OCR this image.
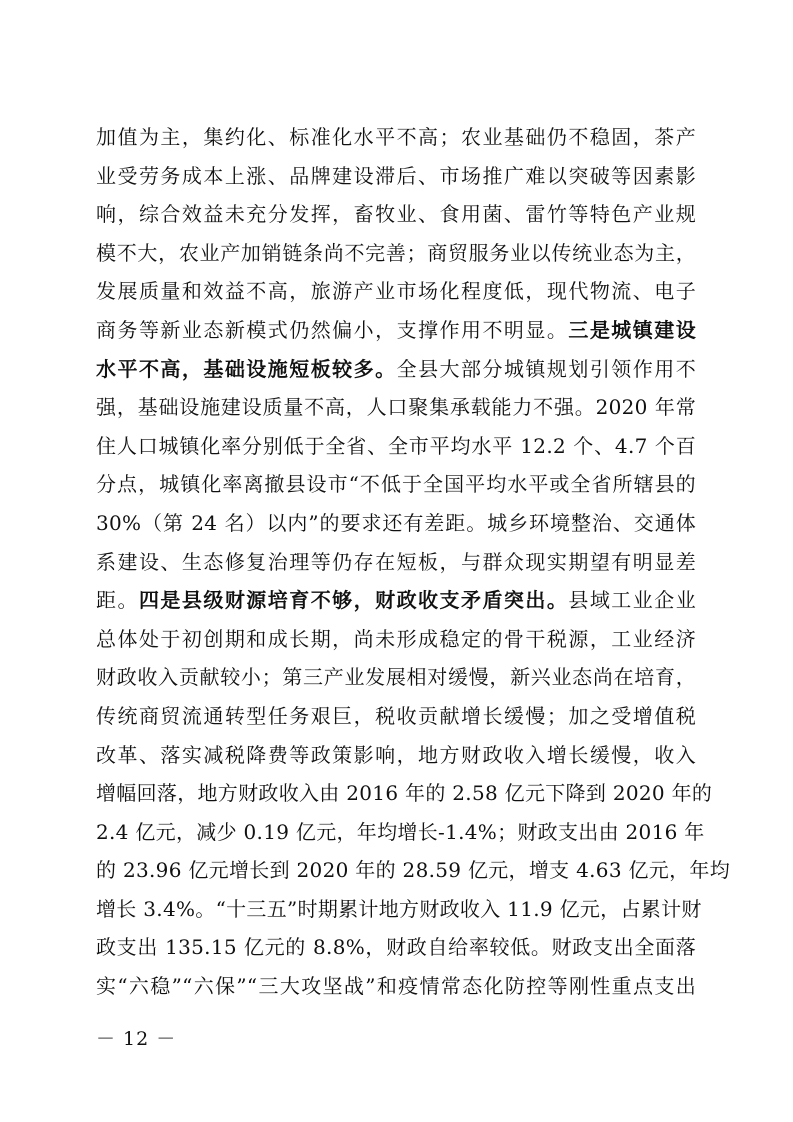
加值为主，集约化、标准化水平不高；农业基础仍不稳固，茶产
业受劳务成本上涨、品牌建设滞后、市场推广难以突破等因素影
响，综合效益未充分发挥，畜牧业、食用菌、雷竹等特色产业规
模不大，农业产加销链条尚不完善；商贸服务业以传统业态为主，
发展质量和效益不高，旅游产业市场化程度低，现代物流、电子
商务等新业态新模式仍然偏小，支撑作用不明显。三是城镇建设
水平不高，基础设施短板较多。全县大部分城镇规划引领作用不
强，基础设施建设质量不高，人口聚集承载能力不强。2020 年常
住人口城镇化率分别低于全省、全市平均水平 12.2 个、4.7 个百
分点，城镇化率离撤县设市“不低于全国平均水平或全省所辖县的
30%（第 24 名）以内”的要求还有差距。城乡环境整治、交通体
系建设、生态修复治理等仍存在短板，与群众现实期望有明显差
距。四是县级财源培育不够，财政收支矛盾突出。县域工业企业
总体处于初创期和成长期，尚未形成稳定的骨干税源，工业经济
财政收入贡献较小；第三产业发展相对缓慢，新兴业态尚在培育，
传统商贸流通转型任务艰巨，税收贡献增长缓慢；加之受增值税
改革、落实减税降费等政策影响，地方财政收入增长缓慢，收入
增幅回落，地方财政收入由 2016 年的 2.58 亿元下降到 2020 年的
2.4 亿元，减少 0.19 亿元，年均增长-1.4%；财政支出由 2016 年
的 23.96 亿元增长到 2020 年的 28.59 亿元，增支 4.63 亿元，年均
增长 3.4%。“十三五”时期累计地方财政收入 11.9 亿元，占累计财
政支出 135.15 亿元的 8.8%，财政自给率较低。财政支出全面落
实“六稳”“六保”“三大攻坚战”和疫情常态化防控等刚性重点支出
－ 12 －
